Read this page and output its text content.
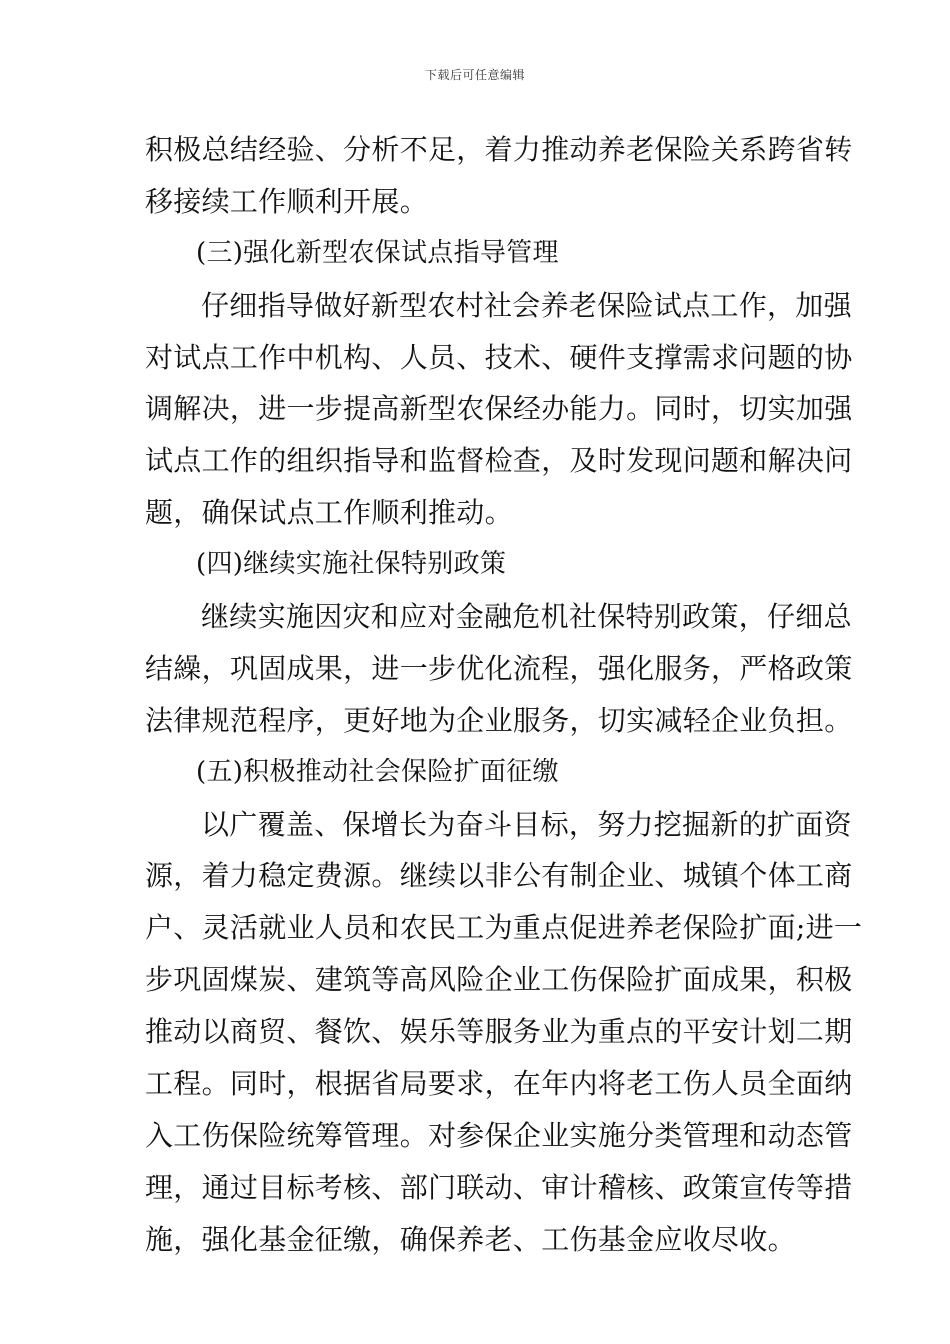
下载后可任意编辑
积极总结经验、分析不足，着力推动养老保险关系跨省转
移接续工作顺利开展。
(三)强化新型农保试点指导管理
仔细指导做好新型农村社会养老保险试点工作，加强
对试点工作中机构、人员、技术、硬件支撑需求问题的协
调解决，进一步提高新型农保经办能力。同时，切实加强
试点工作的组织指导和监督检查，及时发现问题和解决问
题，确保试点工作顺利推动。
(四)继续实施社保特别政策
继续实施因灾和应对金融危机社保特别政策，仔细总
结繰，巩固成果，进一步优化流程，强化服务，严格政策
法律规范程序，更好地为企业服务，切实减轻企业负担。
(五)积极推动社会保险扩面征缴
以广覆盖、保增长为奋斗目标，努力挖掘新的扩面资
源，着力稳定费源。继续以非公有制企业、城镇个体工商
户、灵活就业人员和农民工为重点促进养老保险扩面;进一
步巩固煤炭、建筑等高风险企业工伤保险扩面成果，积极
推动以商贸、餐饮、娱乐等服务业为重点的平安计划二期
工程。同时，根据省局要求，在年内将老工伤人员全面纳
入工伤保险统筹管理。对参保企业实施分类管理和动态管
理，通过目标考核、部门联动、审计稽核、政策宣传等措
施，强化基金征缴，确保养老、工伤基金应收尽收。
